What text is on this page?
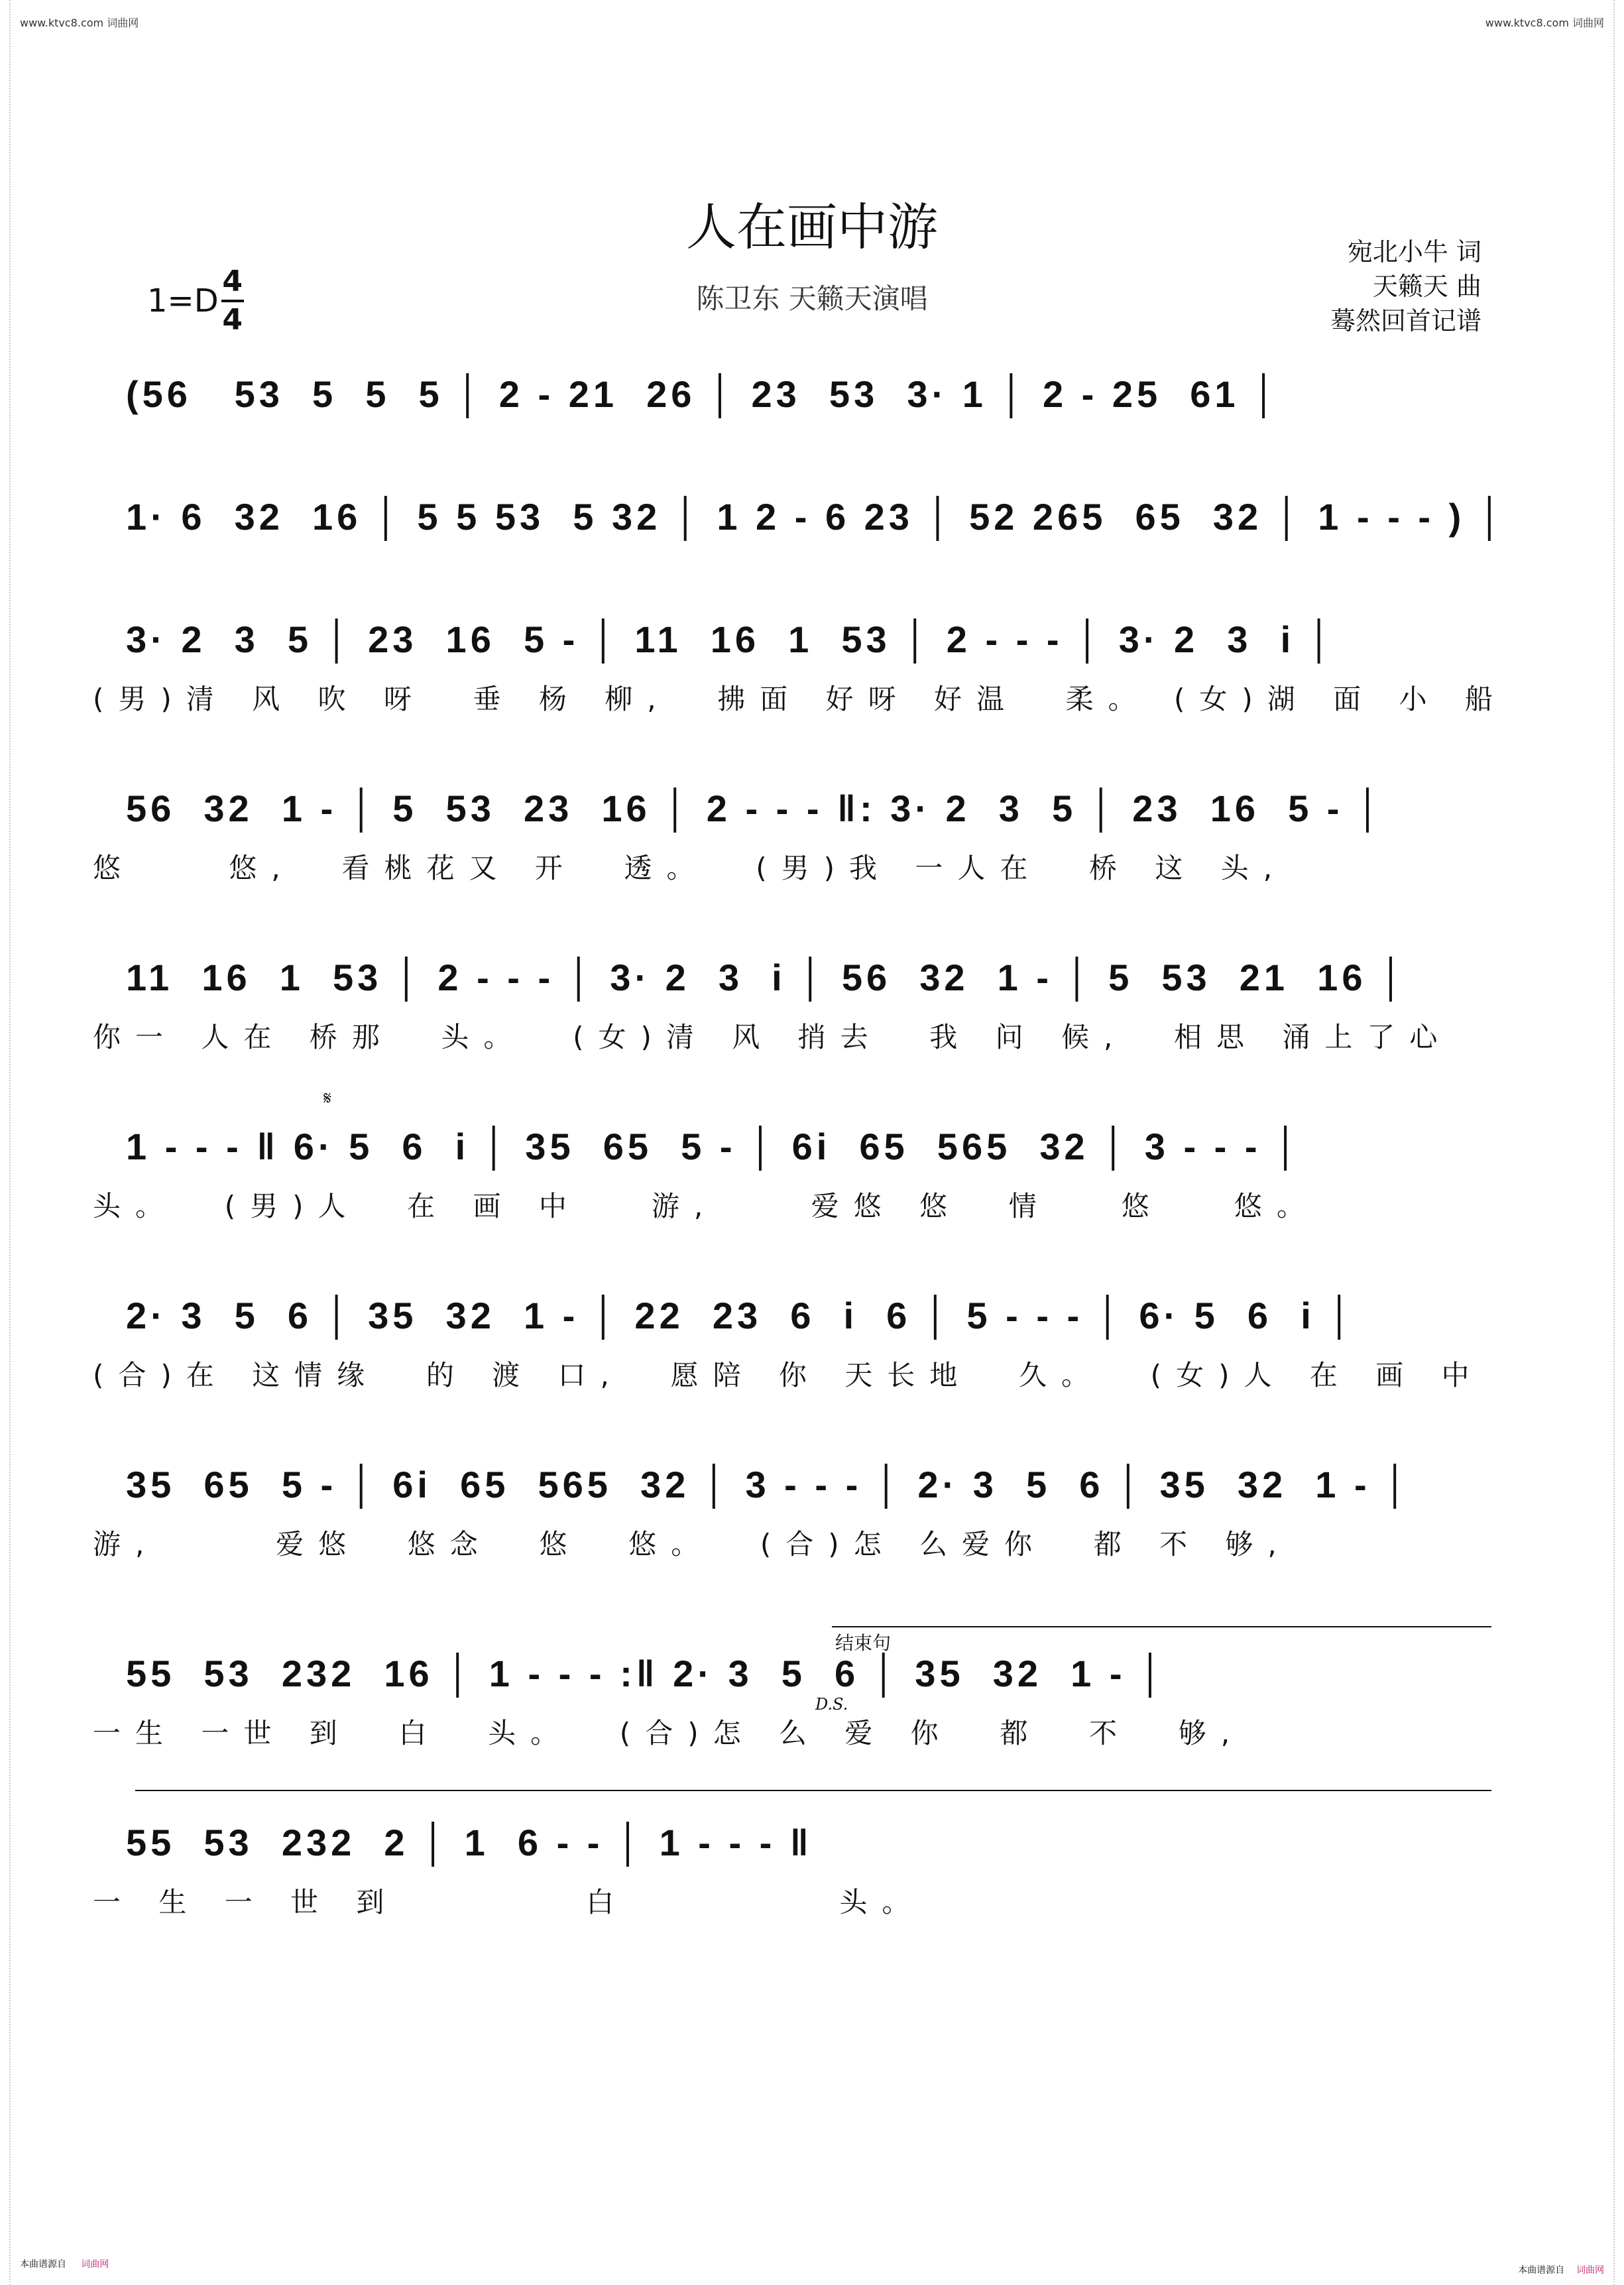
www.ktvc8.com 词曲网	www.ktvc8.com 词曲网
人在画中游
陈卫东 天籁天演唱
1=D
4
4
宛北小牛 词
天籁天 曲
蓦然回首记谱
(56   53  5  5  5 │ 2 - 21  26 │ 23  53  3· 1 │ 2 - 25  61 │
1· 6  32  16 │ 5 5 53  5 32 │ 1 2 - 6 23 │ 52 265  65  32 │ 1 - - - ) │
3· 2  3  5 │ 23  16  5 - │ 11  16  1  53 │ 2 - - - │ 3· 2  3  i │
(男)清 风 吹 呀  垂 杨 柳,  拂面 好呀 好温  柔。 (女)湖 面 小 船
56  32  1 - │ 5  53  23  16 │ 2 - - - ‖: 3· 2  3  5 │ 23  16  5 - │
悠    悠,  看桃花又 开  透。  (男)我 一人在  桥 这 头,
11  16  1  53 │ 2 - - - │ 3· 2  3  i │ 56  32  1 - │ 5  53  21  16 │
你一 人在 桥那  头。  (女)清 风 捎去  我 问 候,  相思 涌上了心
𝄋
1 - - - ‖ 6· 5  6  i │ 35  65  5 - │ 6i  65  565  32 │ 3 - - - │
头。  (男)人  在 画 中   游,    爱悠 悠  情   悠   悠。
2· 3  5  6 │ 35  32  1 - │ 22  23  6  i  6 │ 5 - - - │ 6· 5  6  i │
(合)在 这情缘  的 渡 口,  愿陪 你 天长地  久。  (女)人 在 画 中
35  65  5 - │ 6i  65  565  32 │ 3 - - - │ 2· 3  5  6 │ 35  32  1 - │
游,     爱悠  悠念  悠  悠。  (合)怎 么爱你  都 不 够,
结束句
D.S.
55  53  232  16 │ 1 - - - :‖ 2· 3  5  6 │ 35  32  1 - │
一生 一世 到  白  头。  (合)怎 么 爱 你  都  不  够,
55  53  232  2 │ 1  6 - - │ 1 - - - ‖
一 生 一 世 到        白         头。
本曲谱源自 词曲网
本曲谱源自 词曲网
